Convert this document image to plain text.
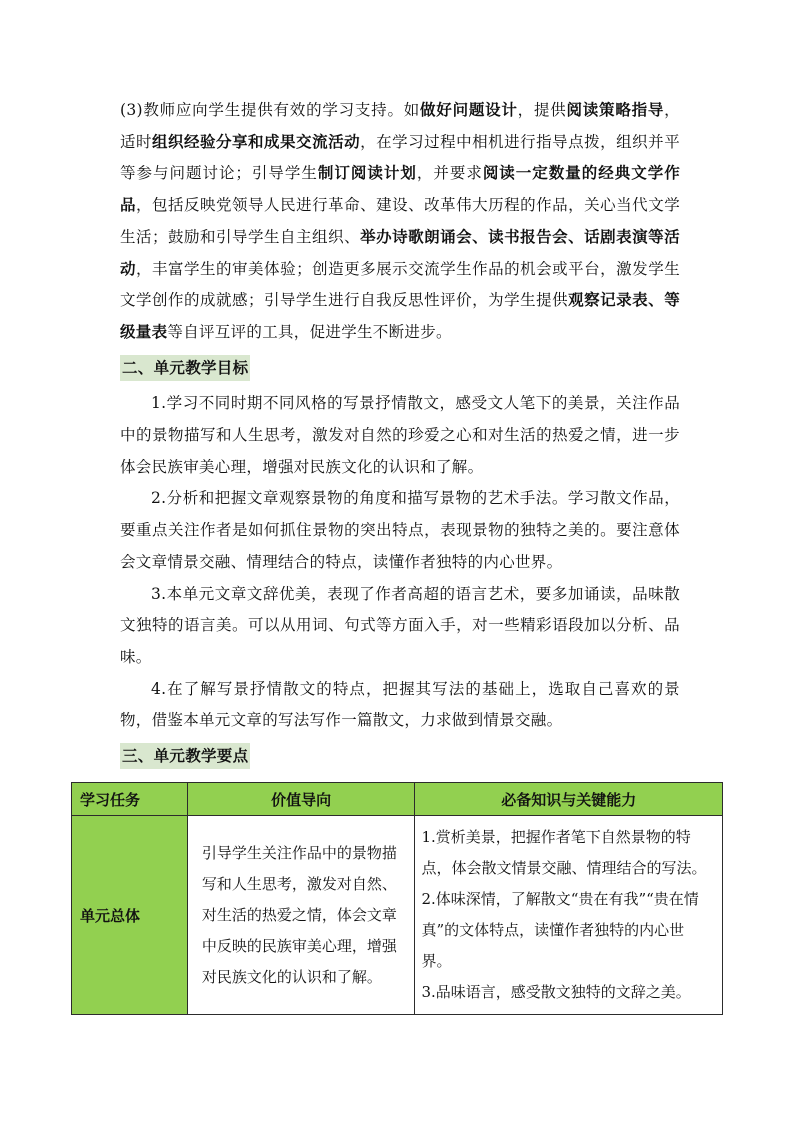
(3)教师应向学生提供有效的学习支持。如做好问题设计，提供阅读策略指导，适时组织经验分享和成果交流活动，在学习过程中相机进行指导点拨，组织并平等参与问题讨论；引导学生制订阅读计划，并要求阅读一定数量的经典文学作品，包括反映党领导人民进行革命、建设、改革伟大历程的作品，关心当代文学生活；鼓励和引导学生自主组织、举办诗歌朗诵会、读书报告会、话剧表演等活动，丰富学生的审美体验；创造更多展示交流学生作品的机会或平台，激发学生文学创作的成就感；引导学生进行自我反思性评价，为学生提供观察记录表、等级量表等自评互评的工具，促进学生不断进步。

二、单元教学目标

1.学习不同时期不同风格的写景抒情散文，感受文人笔下的美景，关注作品中的景物描写和人生思考，激发对自然的珍爱之心和对生活的热爱之情，进一步体会民族审美心理，增强对民族文化的认识和了解。

2.分析和把握文章观察景物的角度和描写景物的艺术手法。学习散文作品，要重点关注作者是如何抓住景物的突出特点，表现景物的独特之美的。要注意体会文章情景交融、情理结合的特点，读懂作者独特的内心世界。

3.本单元文章文辞优美，表现了作者高超的语言艺术，要多加诵读，品味散文独特的语言美。可以从用词、句式等方面入手，对一些精彩语段加以分析、品味。

4.在了解写景抒情散文的特点，把握其写法的基础上，选取自己喜欢的景物，借鉴本单元文章的写法写作一篇散文，力求做到情景交融。

三、单元教学要点
学习任务	价值导向	必备知识与关键能力
单元总体	引导学生关注作品中的景物描写和人生思考，激发对自然、对生活的热爱之情，体会文章中反映的民族审美心理，增强对民族文化的认识和了解。	1.赏析美景，把握作者笔下自然景物的特点，体会散文情景交融、情理结合的写法。

2.体味深情，了解散文“贵在有我”“贵在情真”的文体特点，读懂作者独特的内心世界。

3.品味语言，感受散文独特的文辞之美。
